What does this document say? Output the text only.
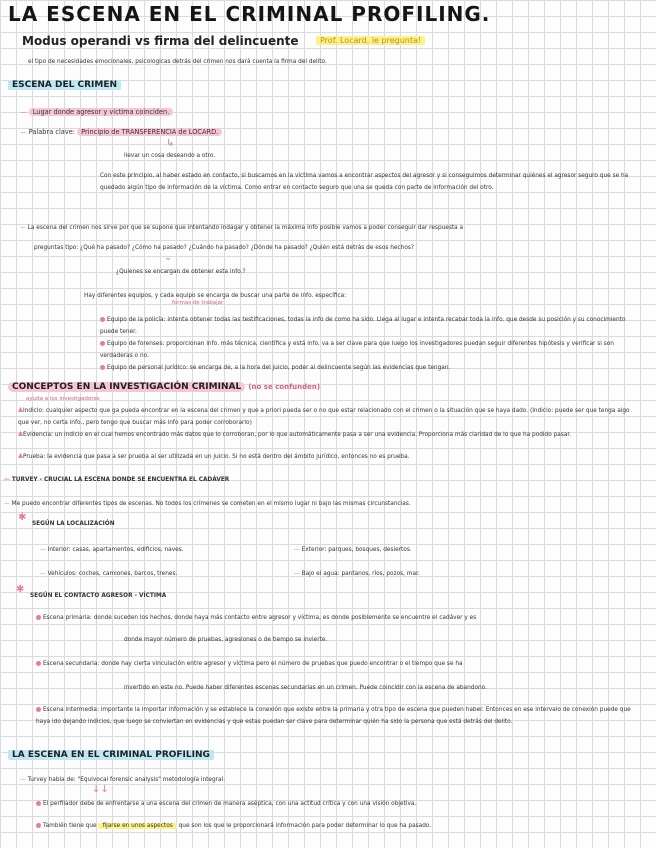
LA ESCENA EN EL CRIMINAL PROFILING.
Modus operandi vs firma del delincuente	Prof. Locard, le pregunta!
el tipo de necesidades emocionales, psicologicas detrás del crimen nos dará cuenta la firma del delito.
ESCENA DEL CRIMEN
— Lugar donde agresor y victima coinciden.
— Palabra clave: Principio de TRANSFERENCIA de LOCARD.
↳
llevar un cosa deseando a otro.
Con este principio, al haber estado en contacto, si buscamos en la víctima vamos a encontrar aspectos del agresor y si conseguimos determinar quiénes el agresor seguro que se ha quedado algún tipo de información de la víctima. Como entrar en contacto seguro que una se queda con parte de información del otro.
— La escena del crimen nos sirve por que se supone que intentando indagar y obtener la máxima info posible vamos a poder conseguir dar respuesta a
preguntas tipo: ¿Qué ha pasado? ¿Cómo ha pasado? ¿Cuándo ha pasado? ¿Dónde ha pasado? ¿Quién está detrás de esos hechos?
⌄
¿Quienes se encargan de obtener esta info.?
Hay diferentes equipos, y cada equipo se encarga de buscar una parte de info. específica:
formas de trabajar
Equipo de la policía: intenta obtener todas las testificaciones, todas la info de como ha sido. Llega al lugar e intenta recabar toda la info. que desde su posición y su conocimiento puede tener.
Equipo de forenses: proporcionan info. más técnica, científica y está info. va a ser clave para que luego los investigadores puedan seguir diferentes hipótesis y verificar si son verdaderas o no.
Equipo de personal jurídico: se encarga de, a la hora del juicio, poder al delincuente según las evidencias que tengan.
CONCEPTOS EN LA INVESTIGACIÓN CRIMINAL (no se confunden)
ayuda a los investigadores
▴Indicio: cualquier aspecto que ga pueda encontrar en la escena del crimen y que a priori pueda ser o no que estar relacionado con el crimen o la situación que se haya dado. (Indicio: puede ser que tenga algo que ver, no certa info., pero tengo que buscar más info para poder corroborarlo)
▴Evidencia: un indicio en el cual hemos encontrado más datos que lo corroboran, por lo que automáticamente pasa a ser una evidencia. Proporciona más claridad de lo que ha podido pasar.
▴Prueba: la evidencia que pasa a ser prueba al ser utilizada en un juicio. Si no está dentro del ámbito jurídico, entonces no es prueba.
— TURVEY - CRUCIAL LA ESCENA DONDE SE ENCUENTRA EL CADÁVER
— Me puedo encontrar diferentes tipos de escenas. No todos los crímenes se cometen en el mismo lugar ni bajo las mismas circunstancias.
✱
SEGÚN LA LOCALIZACIÓN
— Interior: casas, apartamentos, edificios, naves.	— Exterior: parques, bosques, desiertos.
— Vehículos: coches, camiones, barcos, trenes.	— Bajo el agua: pantanos, ríos, pozos, mar.
✱
SEGÚN EL CONTACTO AGRESOR - VÍCTIMA
Escena primaria: donde suceden los hechos, donde haya más contacto entre agresor y víctima, es donde posiblemente se encuentre el cadáver y es
donde mayor número de pruebas, agresiones o de tiempo se invierte.
Escena secundaria: donde hay cierta vinculación entre agresor y víctima pero el número de pruebas que puedo encontrar o el tiempo que se ha
invertido en este no. Puede haber diferentes escenas secundarias en un crimen. Puede coincidir con la escena de abandono.
Escena intermedia: importante la importar información y se establece la conexión que existe entre la primaria y otra tipo de escena que pueden haber. Entonces en ese intervalo de conexión puede que haya ido dejando indicios, que luego se conviertan en evidencias y que estas puedan ser clave para determinar quién ha sido la persona que está detrás del delito.
LA ESCENA EN EL CRIMINAL PROFILING
— Turvey habla de: "Equivocal forensic analysis" metodología integral.
↓↓
El perfilador debe de enfrentarse a una escena del crimen de manera aséptica, con una actitud crítica y con una visión objetiva.
También tiene que fijarse en unos aspectos que son los que le proporcionará información para poder determinar lo que ha pasado.
